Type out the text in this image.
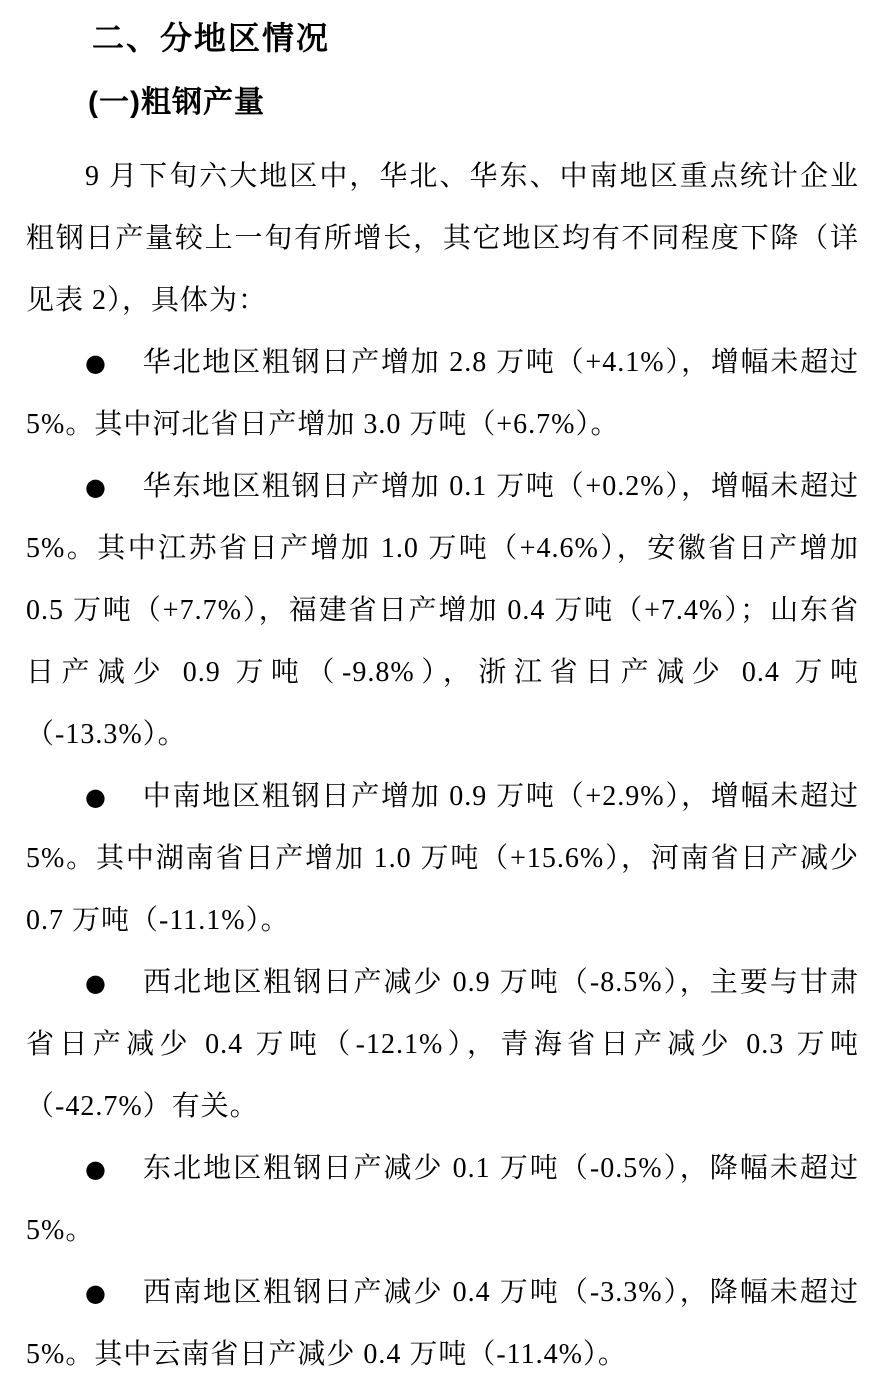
二、分地区情况
(一)粗钢产量

9 月下旬六大地区中，华北、华东、中南地区重点统计企业粗钢日产量较上一旬有所增长，其它地区均有不同程度下降（详见表 2），具体为：

● 华北地区粗钢日产增加 2.8 万吨（+4.1%），增幅未超过 5%。其中河北省日产增加 3.0 万吨（+6.7%）。

● 华东地区粗钢日产增加 0.1 万吨（+0.2%），增幅未超过 5%。其中江苏省日产增加 1.0 万吨（+4.6%），安徽省日产增加 0.5 万吨（+7.7%），福建省日产增加 0.4 万吨（+7.4%）；山东省日产减少 0.9 万吨（-9.8%），浙江省日产减少 0.4 万吨（-13.3%）。

● 中南地区粗钢日产增加 0.9 万吨（+2.9%），增幅未超过 5%。其中湖南省日产增加 1.0 万吨（+15.6%），河南省日产减少 0.7 万吨（-11.1%）。

● 西北地区粗钢日产减少 0.9 万吨（-8.5%），主要与甘肃省日产减少 0.4 万吨（-12.1%），青海省日产减少 0.3 万吨（-42.7%）有关。

● 东北地区粗钢日产减少 0.1 万吨（-0.5%），降幅未超过 5%。

● 西南地区粗钢日产减少 0.4 万吨（-3.3%），降幅未超过 5%。其中云南省日产减少 0.4 万吨（-11.4%）。
